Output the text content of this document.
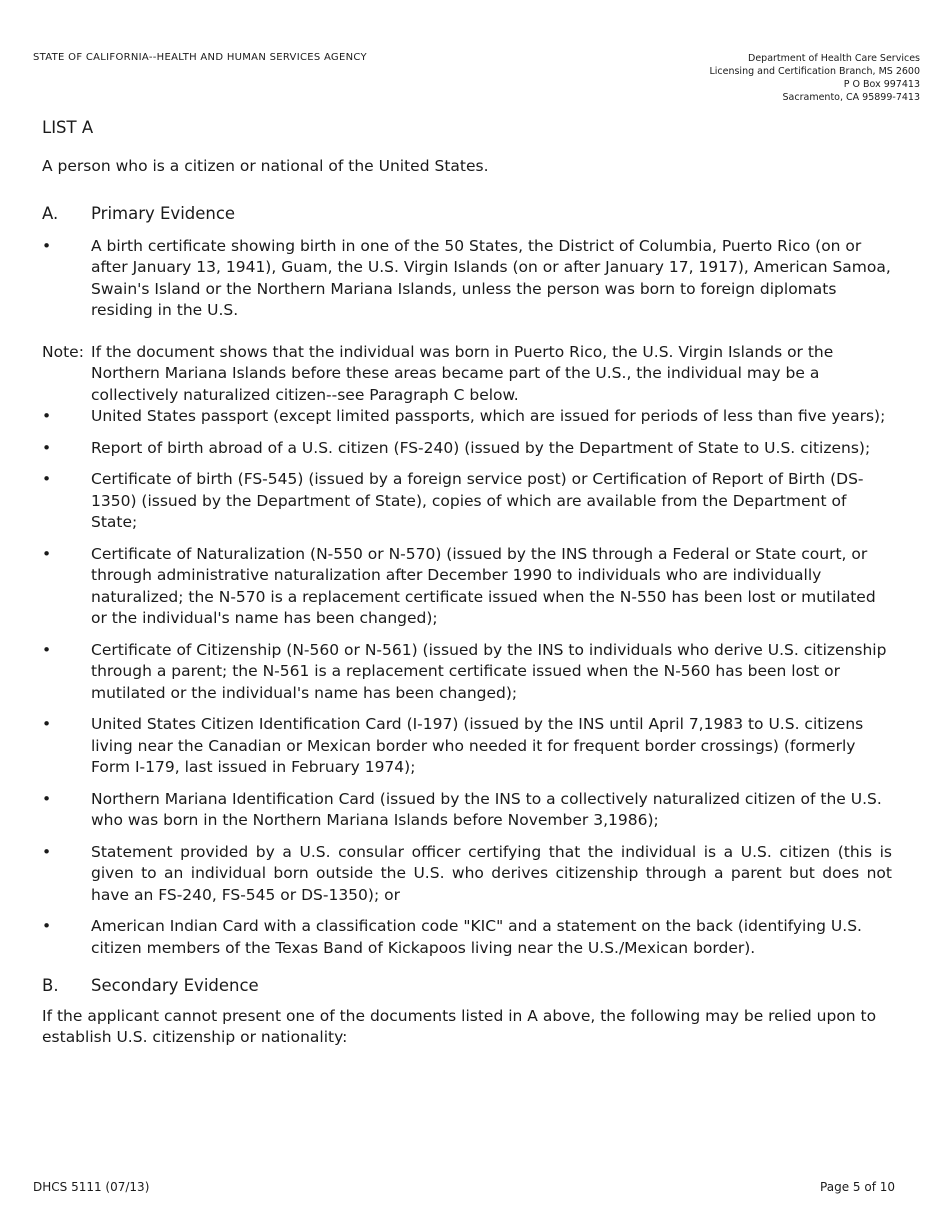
STATE OF CALIFORNIA--HEALTH AND HUMAN SERVICES AGENCY	Department of Health Care Services
Licensing and Certification Branch, MS 2600
P O Box 997413
Sacramento, CA 95899-7413
LIST A

A person who is a citizen or national of the United States.

A.	Primary Evidence
•	A birth certificate showing birth in one of the 50 States, the District of Columbia, Puerto Rico (on or after January 13, 1941), Guam, the U.S. Virgin Islands (on or after January 17, 1917), American Samoa, Swain's Island or the Northern Mariana Islands, unless the person was born to foreign diplomats residing in the U.S.
Note: If the document shows that the individual was born in Puerto Rico, the U.S. Virgin Islands or the Northern Mariana Islands before these areas became part of the U.S., the individual may be a collectively naturalized citizen--see Paragraph C below.
•	United States passport (except limited passports, which are issued for periods of less than five years);
•	Report of birth abroad of a U.S. citizen (FS-240) (issued by the Department of State to U.S. citizens);
•	Certificate of birth (FS-545) (issued by a foreign service post) or Certification of Report of Birth (DS- 1350) (issued by the Department of State), copies of which are available from the Department of State;
•	Certificate of Naturalization (N-550 or N-570) (issued by the INS through a Federal or State court, or through administrative naturalization after December 1990 to individuals who are individually naturalized; the N-570 is a replacement certificate issued when the N-550 has been lost or mutilated or the individual's name has been changed);
•	Certificate of Citizenship (N-560 or N-561) (issued by the INS to individuals who derive U.S. citizenship through a parent; the N-561 is a replacement certificate issued when the N-560 has been lost or mutilated or the individual's name has been changed);
•	United States Citizen Identification Card (I-197) (issued by the INS until April 7,1983 to U.S. citizens living near the Canadian or Mexican border who needed it for frequent border crossings) (formerly Form I-179, last issued in February 1974);
•	Northern Mariana Identification Card (issued by the INS to a collectively naturalized citizen of the U.S. who was born in the Northern Mariana Islands before November 3,1986);
•	Statement provided by a U.S. consular officer certifying that the individual is a U.S. citizen (this is given to an individual born outside the U.S. who derives citizenship through a parent but does not have an FS-240, FS-545 or DS-1350); or
•	American Indian Card with a classification code "KIC" and a statement on the back (identifying U.S. citizen members of the Texas Band of Kickapoos living near the U.S./Mexican border).
B.	Secondary Evidence

If the applicant cannot present one of the documents listed in A above, the following may be relied upon to establish U.S. citizenship or nationality:

DHCS 5111 (07/13)	Page 5 of 10
